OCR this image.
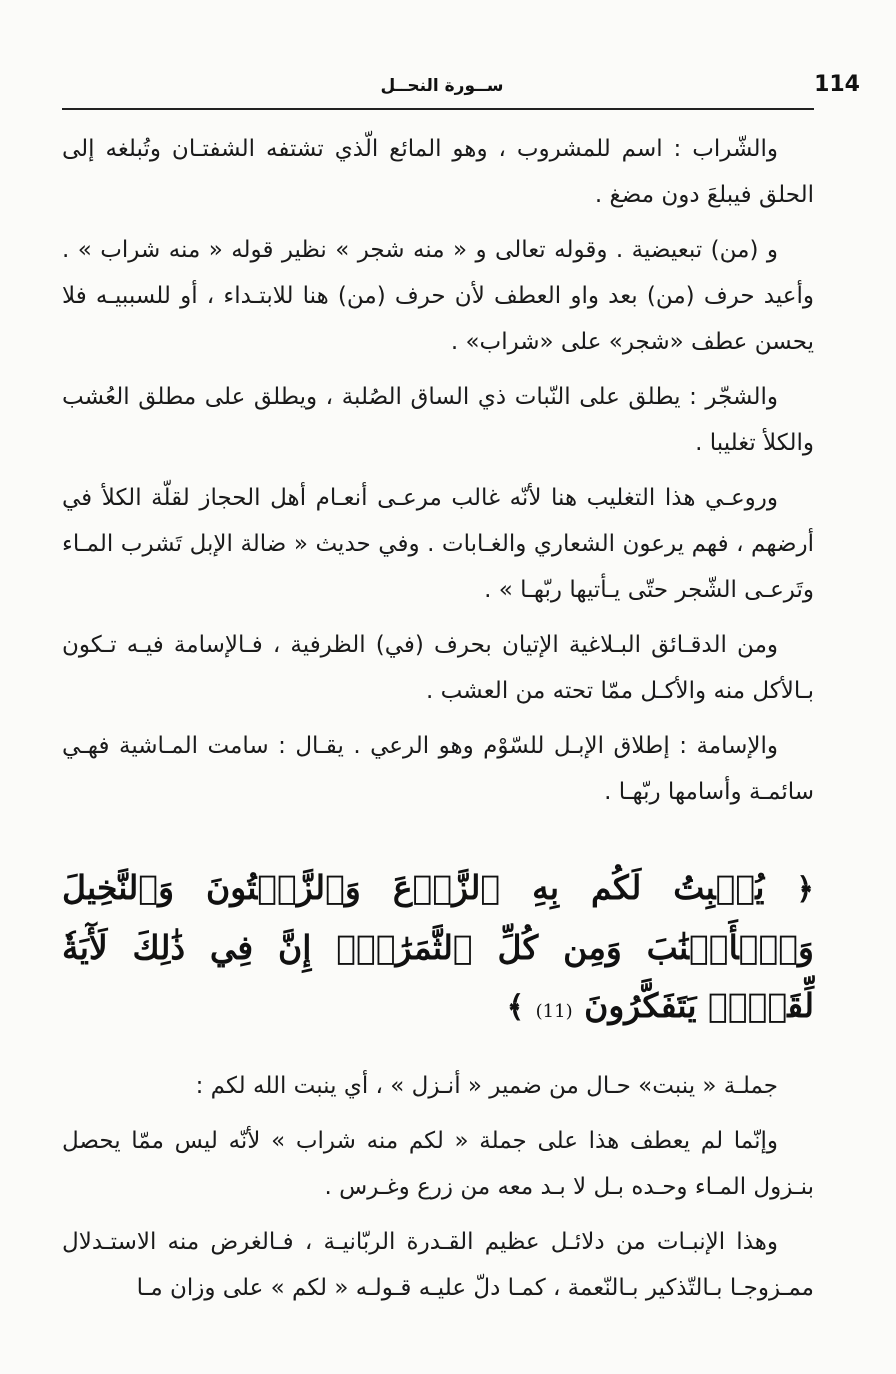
114
ســورة النحــل

والشّراب : اسم للمشروب ، وهو المائع الّذي تشتفه الشفتـان وتُبلغه إلى الحلق فيبلعَ دون مضغ .

و (من) تبعيضية . وقوله تعالى و « منه شجر » نظير قوله « منه شراب » . وأعيد حرف (من) بعد واو العطف لأن حرف (من) هنا للابتـداء ، أو للسببيـه فلا يحسن عطف «شجر» على «شراب» .

والشجّر : يطلق على النّبات ذي الساق الصُلبة ، ويطلق على مطلق العُشب والكلأ تغليبا .

وروعـي هذا التغليب هنا لأنّه غالب مرعـى أنعـام أهل الحجاز لقلّة الكلأ في أرضهم ، فهم يرعون الشعاري والغـابات . وفي حديث « ضالة الإبل تَشرب المـاء وتَرعـى الشّجر حتّى يـأتيها ربّهـا » .

ومن الدقـائق البـلاغية الإتيان بحرف (في) الظرفية ، فـالإسامة فيـه تـكون بـالأكل منه والأكـل ممّا تحته من العشب .

والإسامة : إطلاق الإبـل للسّوْم وهو الرعي . يقـال : سامت المـاشية فهـي سائمـة وأسامها ربّهـا .

﴿ يُنۢبِتُ لَكُم بِهِ ٱلزَّرۡعَ وَٱلزَّيۡتُونَ وَٱلنَّخِيلَ وَٱلۡأَعۡنَٰبَ وَمِن كُلِّ ٱلثَّمَرَٰتِۚ إِنَّ فِي ذَٰلِكَ لَأٓيَةٗ لِّقَوۡمٖ يَتَفَكَّرُونَ (11) ﴾

جملـة « ينبت» حـال من ضمير « أنـزل » ، أي ينبت الله لكم :

وإنّما لم يعطف هذا على جملة « لكم منه شراب » لأنّه ليس ممّا يحصل بنـزول المـاء وحـده بـل لا بـد معه من زرع وغـرس .

وهذا الإنبـات من دلائـل عظيم القـدرة الربّانيـة ، فـالغرض منه الاستـدلال ممـزوجـا بـالتّذكير بـالنّعمة ، كمـا دلّ عليـه قـولـه « لكم » على وزان مـا
